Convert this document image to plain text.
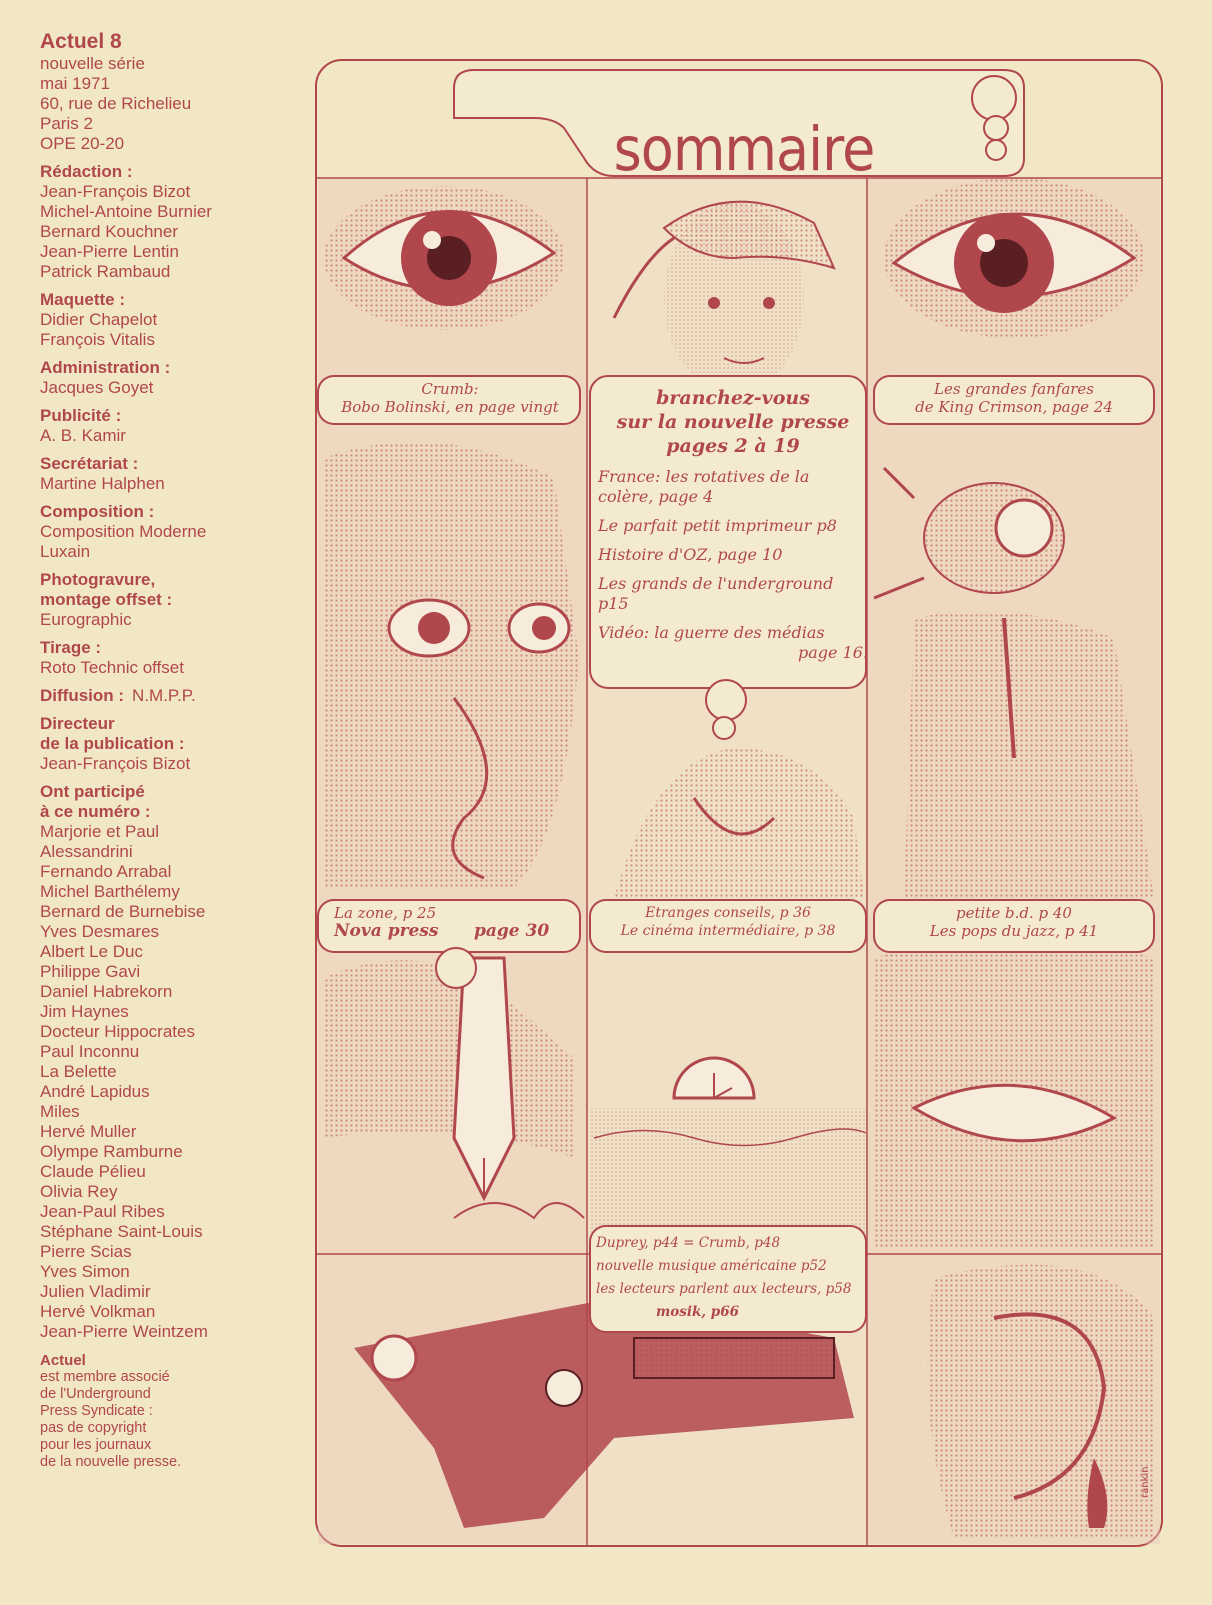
Actuel 8
nouvelle série
mai 1971
60, rue de Richelieu
Paris 2
OPE 20-20
Rédaction :
Jean-François Bizot
Michel-Antoine Burnier
Bernard Kouchner
Jean-Pierre Lentin
Patrick Rambaud
Maquette :
Didier Chapelot
François Vitalis
Administration :
Jacques Goyet
Publicité :
A. B. Kamir
Secrétariat :
Martine Halphen
Composition :
Composition Moderne
Luxain
Photogravure,
montage offset :
Eurographic
Tirage :
Roto Technic offset
Diffusion : N.M.P.P.
Directeur
de la publication :
Jean-François Bizot
Ont participé
à ce numéro :
Marjorie et Paul
Alessandrini
Fernando Arrabal
Michel Barthélemy
Bernard de Burnebise
Yves Desmares
Albert Le Duc
Philippe Gavi
Daniel Habrekorn
Jim Haynes
Docteur Hippocrates
Paul Inconnu
La Belette
André Lapidus
Miles
Hervé Muller
Olympe Ramburne
Claude Pélieu
Olivia Rey
Jean-Paul Ribes
Stéphane Saint-Louis
Pierre Scias
Yves Simon
Julien Vladimir
Hervé Volkman
Jean-Pierre Weintzem
Actuel
est membre associé
de l'Underground
Press Syndicate :
pas de copyright
pour les journaux
de la nouvelle presse.
sommaire
Crumb:
Bobo Bolinski, en page vingt
Les grandes fanfares
de King Crimson, page 24
branchez-vous
sur la nouvelle presse
pages 2 à 19
France: les rotatives de la colère, page 4
Le parfait petit imprimeur p8
Histoire d'OZ, page 10
Les grands de l'underground p15
Vidéo: la guerre des médias
page 16.
La zone, p 25
Nova press      page 30
Etranges conseils, p 36
Le cinéma intermédiaire, p 38
petite b.d. p 40
Les pops du jazz, p 41
Duprey, p44 = Crumb, p48
nouvelle musique américaine p52
les lecteurs parlent aux lecteurs, p58
mosik, p66
rankin
